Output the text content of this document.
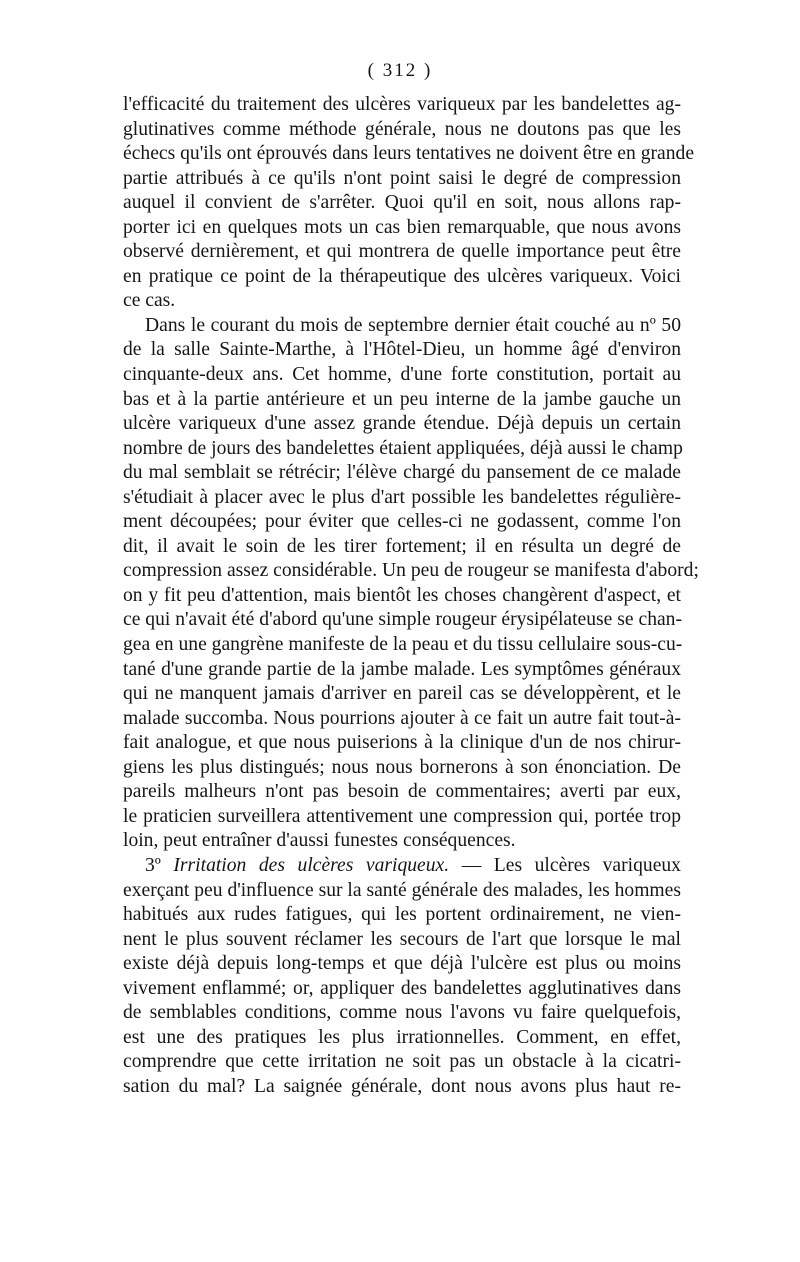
( 312 )
l'efficacité du traitement des ulcères variqueux par les bandelettes ag-
glutinatives comme méthode générale, nous ne doutons pas que les
échecs qu'ils ont éprouvés dans leurs tentatives ne doivent être en grande
partie attribués à ce qu'ils n'ont point saisi le degré de compression
auquel il convient de s'arrêter. Quoi qu'il en soit, nous allons rap-
porter ici en quelques mots un cas bien remarquable, que nous avons
observé dernièrement, et qui montrera de quelle importance peut être
en pratique ce point de la thérapeutique des ulcères variqueux. Voici
ce cas.
Dans le courant du mois de septembre dernier était couché au nº 50
de la salle Sainte-Marthe, à l'Hôtel-Dieu, un homme âgé d'environ
cinquante-deux ans. Cet homme, d'une forte constitution, portait au
bas et à la partie antérieure et un peu interne de la jambe gauche un
ulcère variqueux d'une assez grande étendue. Déjà depuis un certain
nombre de jours des bandelettes étaient appliquées, déjà aussi le champ
du mal semblait se rétrécir; l'élève chargé du pansement de ce malade
s'étudiait à placer avec le plus d'art possible les bandelettes régulière-
ment découpées; pour éviter que celles-ci ne godassent, comme l'on
dit, il avait le soin de les tirer fortement; il en résulta un degré de
compression assez considérable. Un peu de rougeur se manifesta d'abord;
on y fit peu d'attention, mais bientôt les choses changèrent d'aspect, et
ce qui n'avait été d'abord qu'une simple rougeur érysipélateuse se chan-
gea en une gangrène manifeste de la peau et du tissu cellulaire sous-cu-
tané d'une grande partie de la jambe malade. Les symptômes généraux
qui ne manquent jamais d'arriver en pareil cas se développèrent, et le
malade succomba. Nous pourrions ajouter à ce fait un autre fait tout-à-
fait analogue, et que nous puiserions à la clinique d'un de nos chirur-
giens les plus distingués; nous nous bornerons à son énonciation. De
pareils malheurs n'ont pas besoin de commentaires; averti par eux,
le praticien surveillera attentivement une compression qui, portée trop
loin, peut entraîner d'aussi funestes conséquences.
3º Irritation des ulcères variqueux. — Les ulcères variqueux
exerçant peu d'influence sur la santé générale des malades, les hommes
habitués aux rudes fatigues, qui les portent ordinairement, ne vien-
nent le plus souvent réclamer les secours de l'art que lorsque le mal
existe déjà depuis long-temps et que déjà l'ulcère est plus ou moins
vivement enflammé; or, appliquer des bandelettes agglutinatives dans
de semblables conditions, comme nous l'avons vu faire quelquefois,
est une des pratiques les plus irrationnelles. Comment, en effet,
comprendre que cette irritation ne soit pas un obstacle à la cicatri-
sation du mal? La saignée générale, dont nous avons plus haut re-
